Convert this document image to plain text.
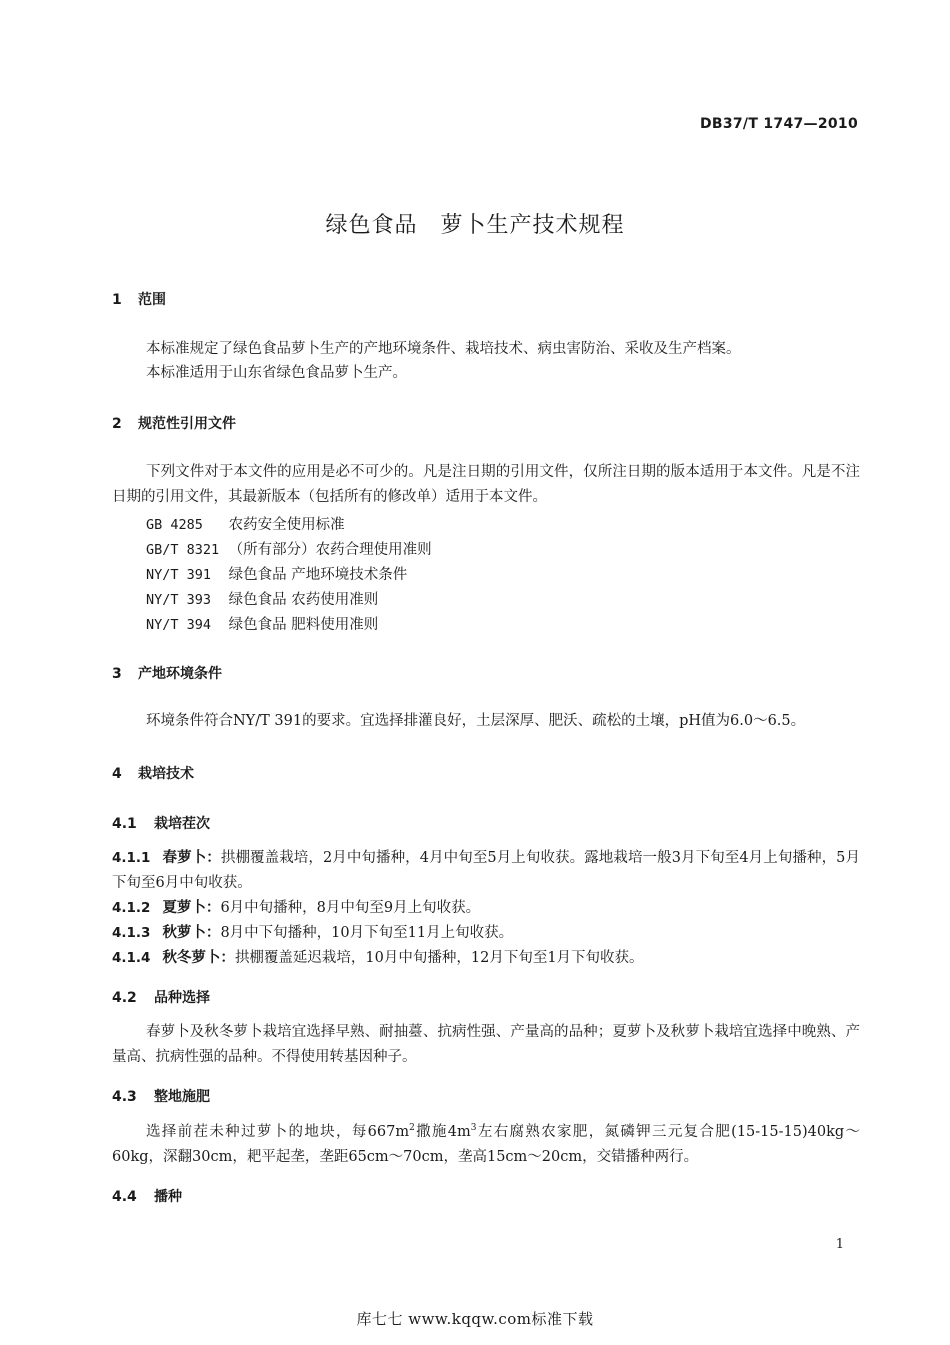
DB37/T 1747—2010
绿色食品　萝卜生产技术规程
1 范围
本标准规定了绿色食品萝卜生产的产地环境条件、栽培技术、病虫害防治、采收及生产档案。
本标准适用于山东省绿色食品萝卜生产。
2 规范性引用文件
下列文件对于本文件的应用是必不可少的。凡是注日期的引用文件，仅所注日期的版本适用于本文件。凡是不注日期的引用文件，其最新版本（包括所有的修改单）适用于本文件。
GB 4285 农药安全使用标准
GB/T 8321 （所有部分）农药合理使用准则
NY/T 391 绿色食品 产地环境技术条件
NY/T 393 绿色食品 农药使用准则
NY/T 394 绿色食品 肥料使用准则
3 产地环境条件
环境条件符合NY/T 391的要求。宜选择排灌良好，土层深厚、肥沃、疏松的土壤，pH值为6.0～6.5。
4 栽培技术
4.1 栽培茬次
4.1.1 春萝卜：拱棚覆盖栽培，2月中旬播种，4月中旬至5月上旬收获。露地栽培一般3月下旬至4月上旬播种，5月下旬至6月中旬收获。
4.1.2 夏萝卜：6月中旬播种，8月中旬至9月上旬收获。
4.1.3 秋萝卜：8月中下旬播种，10月下旬至11月上旬收获。
4.1.4 秋冬萝卜：拱棚覆盖延迟栽培，10月中旬播种，12月下旬至1月下旬收获。
4.2 品种选择
春萝卜及秋冬萝卜栽培宜选择早熟、耐抽薹、抗病性强、产量高的品种；夏萝卜及秋萝卜栽培宜选择中晚熟、产量高、抗病性强的品种。不得使用转基因种子。
4.3 整地施肥
选择前茬未种过萝卜的地块，每$667m^2$撒施$4m^3$左右腐熟农家肥，氮磷钾三元复合肥(15-15-15)40kg～60kg，深翻30cm，耙平起垄，垄距65cm～70cm，垄高15cm～20cm，交错播种两行。
4.4 播种
1
库七七 www.kqqw.com标准下载
